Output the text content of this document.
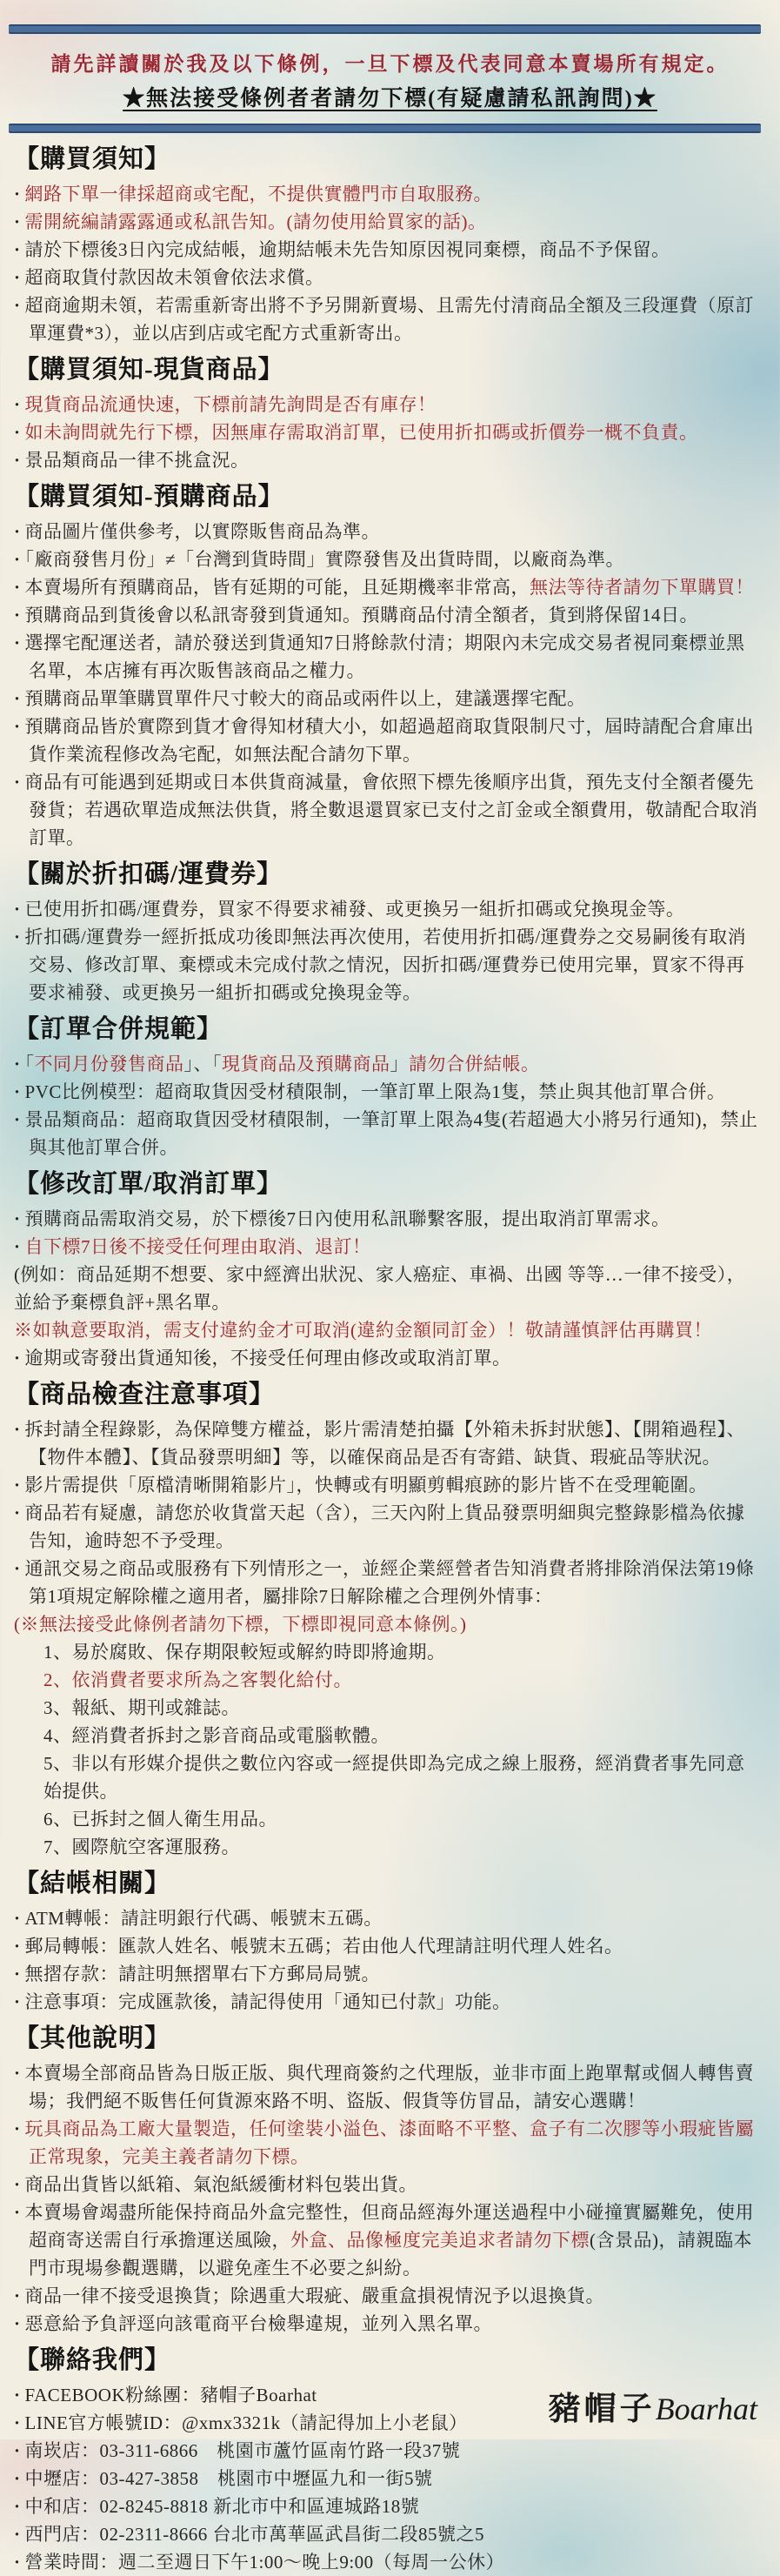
請先詳讀關於我及以下條例，一旦下標及代表同意本賣場所有規定。
★無法接受條例者者請勿下標(有疑慮請私訊詢問)★
【購買須知】

· 網路下單一律採超商或宅配，不提供實體門市自取服務。

· 需開統編請露露通或私訊告知。(請勿使用給買家的話)。

· 請於下標後3日內完成結帳，逾期結帳未先告知原因視同棄標，商品不予保留。

· 超商取貨付款因故未領會依法求償。

· 超商逾期未領，若需重新寄出將不予另開新賣場、且需先付清商品全額及三段運費（原訂單運費*3），並以店到店或宅配方式重新寄出。

【購買須知-現貨商品】

· 現貨商品流通快速，下標前請先詢問是否有庫存！

· 如未詢問就先行下標，因無庫存需取消訂單，已使用折扣碼或折價券一概不負責。

· 景品類商品一律不挑盒況。

【購買須知-預購商品】

· 商品圖片僅供參考，以實際販售商品為準。

· 「廠商發售月份」≠「台灣到貨時間」實際發售及出貨時間，以廠商為準。

· 本賣場所有預購商品，皆有延期的可能，且延期機率非常高，無法等待者請勿下單購買！

· 預購商品到貨後會以私訊寄發到貨通知。預購商品付清全額者，貨到將保留14日。

· 選擇宅配運送者，請於發送到貨通知7日將餘款付清；期限內未完成交易者視同棄標並黑名單，本店擁有再次販售該商品之權力。

· 預購商品單筆購買單件尺寸較大的商品或兩件以上，建議選擇宅配。

· 預購商品皆於實際到貨才會得知材積大小，如超過超商取貨限制尺寸，屆時請配合倉庫出貨作業流程修改為宅配，如無法配合請勿下單。

· 商品有可能遇到延期或日本供貨商減量，會依照下標先後順序出貨，預先支付全額者優先發貨；若遇砍單造成無法供貨，將全數退還買家已支付之訂金或全額費用，敬請配合取消訂單。

【關於折扣碼/運費券】

· 已使用折扣碼/運費券，買家不得要求補發、或更換另一組折扣碼或兌換現金等。

· 折扣碼/運費券一經折抵成功後即無法再次使用，若使用折扣碼/運費券之交易嗣後有取消交易、修改訂單、棄標或未完成付款之情況，因折扣碼/運費券已使用完畢，買家不得再要求補發、或更換另一組折扣碼或兌換現金等。

【訂單合併規範】

· 「不同月份發售商品」、「現貨商品及預購商品」請勿合併結帳。

· PVC比例模型：超商取貨因受材積限制，一筆訂單上限為1隻，禁止與其他訂單合併。

· 景品類商品：超商取貨因受材積限制，一筆訂單上限為4隻(若超過大小將另行通知)，禁止與其他訂單合併。

【修改訂單/取消訂單】

· 預購商品需取消交易，於下標後7日內使用私訊聯繫客服，提出取消訂單需求。

· 自下標7日後不接受任何理由取消、退訂！

(例如：商品延期不想要、家中經濟出狀況、家人癌症、車禍、出國 等等…一律不接受），並給予棄標負評+黑名單。

※如執意要取消，需支付違約金才可取消(違約金額同訂金）！敬請謹慎評估再購買！

· 逾期或寄發出貨通知後，不接受任何理由修改或取消訂單。

【商品檢查注意事項】

· 拆封請全程錄影，為保障雙方權益，影片需清楚拍攝【外箱未拆封狀態】、【開箱過程】、【物件本體】、【貨品發票明細】等，以確保商品是否有寄錯、缺貨、瑕疵品等狀況。

· 影片需提供「原檔清晰開箱影片」，快轉或有明顯剪輯痕跡的影片皆不在受理範圍。

· 商品若有疑慮，請您於收貨當天起（含），三天內附上貨品發票明細與完整錄影檔為依據告知，逾時恕不予受理。

· 通訊交易之商品或服務有下列情形之一，並經企業經營者告知消費者將排除消保法第19條第1項規定解除權之適用者，屬排除7日解除權之合理例外情事：

(※無法接受此條例者請勿下標，下標即視同意本條例。)

1、易於腐敗、保存期限較短或解約時即將逾期。

2、依消費者要求所為之客製化給付。

3、報紙、期刊或雜誌。

4、經消費者拆封之影音商品或電腦軟體。

5、非以有形媒介提供之數位內容或一經提供即為完成之線上服務，經消費者事先同意始提供。

6、已拆封之個人衛生用品。

7、國際航空客運服務。

【結帳相關】

· ATM轉帳：請註明銀行代碼、帳號末五碼。

· 郵局轉帳：匯款人姓名、帳號末五碼；若由他人代理請註明代理人姓名。

· 無摺存款：請註明無摺單右下方郵局局號。

· 注意事項：完成匯款後，請記得使用「通知已付款」功能。

【其他說明】

· 本賣場全部商品皆為日版正版、與代理商簽約之代理版，並非市面上跑單幫或個人轉售賣場；我們絕不販售任何貨源來路不明、盜版、假貨等仿冒品，請安心選購！

· 玩具商品為工廠大量製造，任何塗裝小溢色、漆面略不平整、盒子有二次膠等小瑕疵皆屬正常現象，完美主義者請勿下標。

· 商品出貨皆以紙箱、氣泡紙緩衝材料包裝出貨。

· 本賣場會竭盡所能保持商品外盒完整性，但商品經海外運送過程中小碰撞實屬難免，使用超商寄送需自行承擔運送風險，外盒、品像極度完美追求者請勿下標(含景品)，請親臨本門市現場參觀選購，以避免產生不必要之糾紛。

· 商品一律不接受退換貨；除遇重大瑕疵、嚴重盒損視情況予以退換貨。

· 惡意給予負評逕向該電商平台檢舉違規，並列入黑名單。

【聯絡我們】

· FACEBOOK粉絲團：豬帽子Boarhat

· LINE官方帳號ID：@xmx3321k（請記得加上小老鼠）

· 南崁店：03-311-6866　桃園市蘆竹區南竹路一段37號

· 中壢店：03-427-3858　桃園市中壢區九和一街5號

· 中和店：02-8245-8818 新北市中和區連城路18號

· 西門店：02-2311-8666 台北市萬華區武昌街二段85號之5

· 營業時間：週二至週日下午1:00～晚上9:00（每周一公休）

豬帽子Boarhat
